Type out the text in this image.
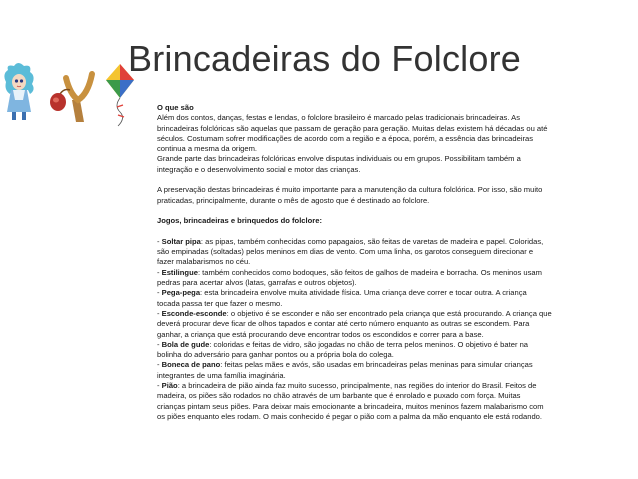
Brincadeiras do Folclore

O que são

Além dos contos, danças, festas e lendas, o folclore brasileiro é marcado pelas tradicionais brincadeiras. As

brincadeiras folclóricas são aquelas que passam de geração para geração. Muitas delas existem há décadas ou até

séculos. Costumam sofrer modificações de acordo com a região e a época, porém, a essência das brincadeiras

continua a mesma da origem.

Grande parte das brincadeiras folclóricas envolve disputas individuais ou em grupos. Possibilitam também a

integração e o desenvolvimento social e motor das crianças.

A preservação destas brincadeiras é muito importante para a manutenção da cultura folclórica. Por isso, são muito

praticadas, principalmente, durante o mês de agosto que é destinado ao folclore.

Jogos, brincadeiras e brinquedos do folclore:

- Soltar pipa: as pipas, também conhecidas como papagaios, são feitas de varetas de madeira e papel. Coloridas,

são empinadas (soltadas) pelos meninos em dias de vento. Com uma linha, os garotos conseguem direcionar e

fazer malabarismos no céu.

- Estilingue: também conhecidos como bodoques, são feitos de galhos de madeira e borracha. Os meninos usam

pedras para acertar alvos (latas, garrafas e outros objetos).

- Pega-pega: esta brincadeira envolve muita atividade física. Uma criança deve correr e tocar outra. A criança

tocada passa ter que fazer o mesmo.

- Esconde-esconde: o objetivo é se esconder e não ser encontrado pela criança que está procurando. A criança que

deverá procurar deve ficar de olhos tapados e contar até certo número enquanto as outras se escondem. Para

ganhar, a criança que está procurando deve encontrar todos os escondidos e correr para a base.

- Bola de gude: coloridas e feitas de vidro, são jogadas no chão de terra pelos meninos. O objetivo é bater na

bolinha do adversário para ganhar pontos ou a própria bola do colega.

- Boneca de pano: feitas pelas mães e avós, são usadas em brincadeiras pelas meninas para simular crianças

integrantes de uma família imaginária.

- Pião: a brincadeira de pião ainda faz muito sucesso, principalmente, nas regiões do interior do Brasil. Feitos de

madeira, os piões são rodados no chão através de um barbante que é enrolado e puxado com força. Muitas

crianças pintam seus piões. Para deixar mais emocionante a brincadeira, muitos meninos fazem malabarismo com

os piões enquanto eles rodam. O mais conhecido é pegar o pião com a palma da mão enquanto ele está rodando.
